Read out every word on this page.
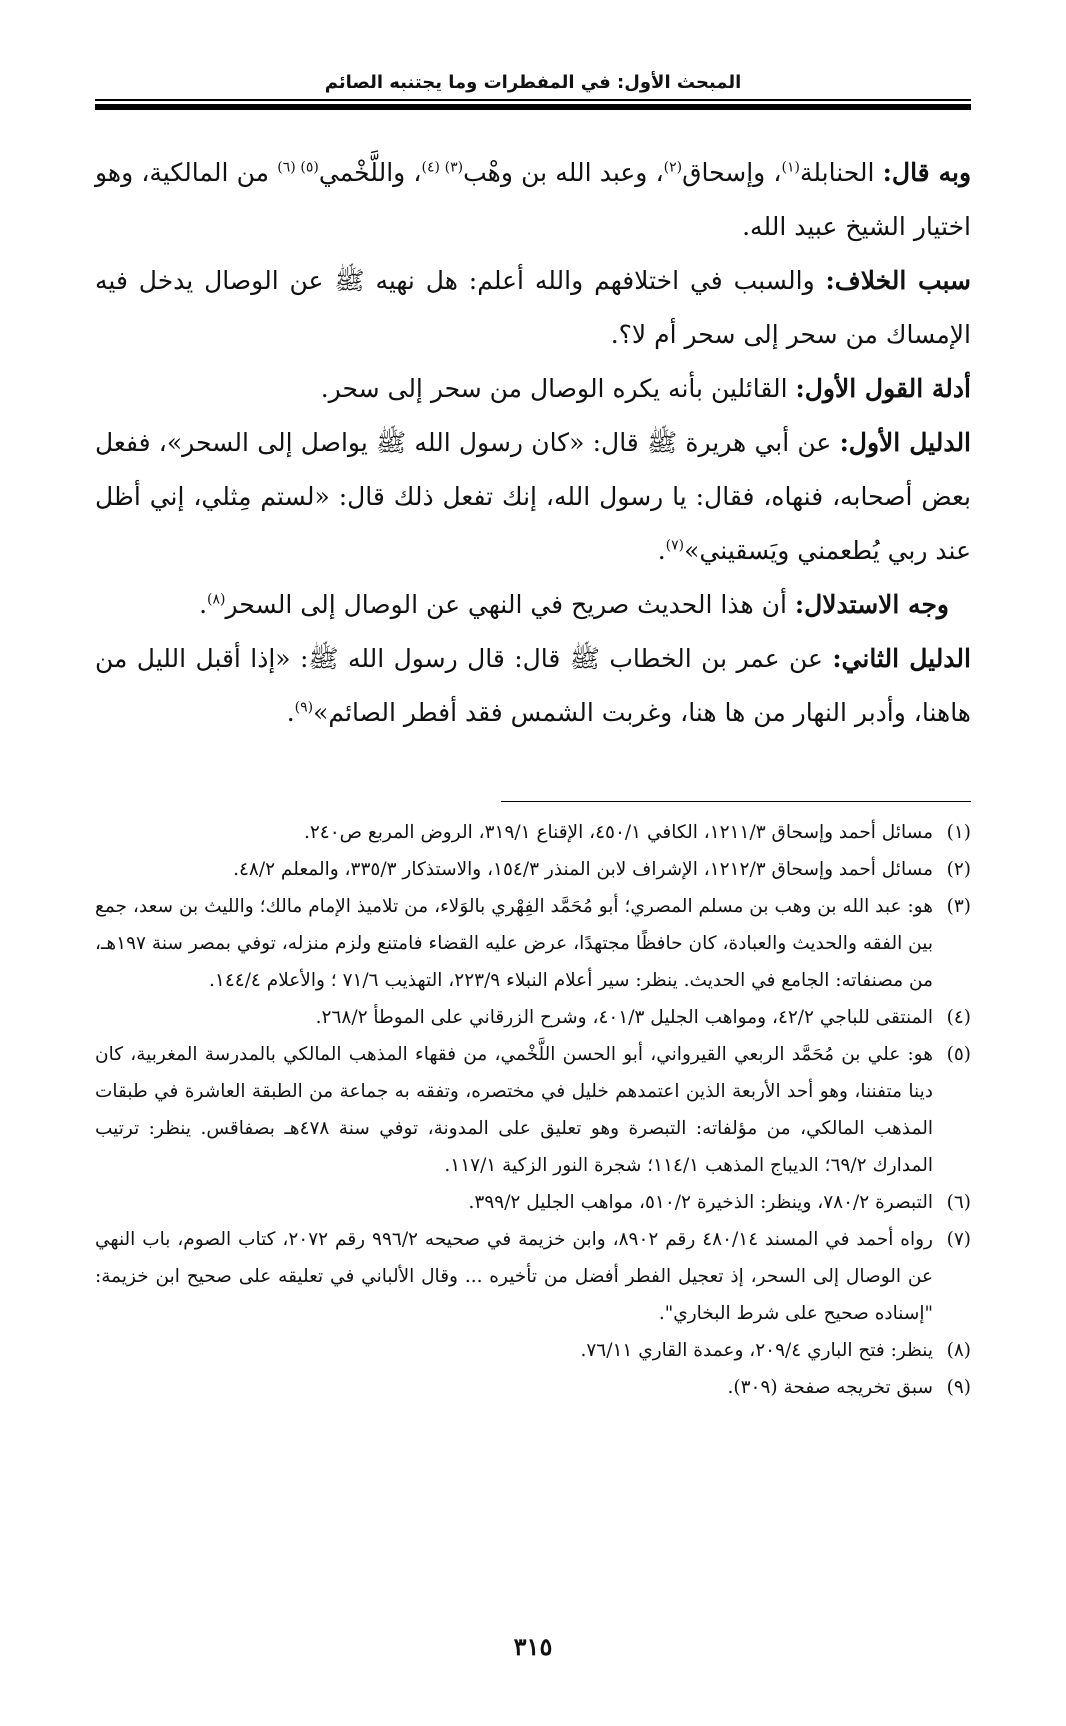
المبحث الأول: في المفطرات وما يجتنبه الصائم

وبه قال: الحنابلة$^{(١)}$، وإسحاق$^{(٢)}$، وعبد الله بن وهْب$^{(٣) (٤)}$، واللَّخْمي$^{(٥) (٦)}$ من المالكية، وهو اختيار الشيخ عبيد الله.

سبب الخلاف: والسبب في اختلافهم والله أعلم: هل نهيه ﷺ عن الوصال يدخل فيه الإمساك من سحر إلى سحر أم لا؟.

أدلة القول الأول: القائلين بأنه يكره الوصال من سحر إلى سحر.

الدليل الأول: عن أبي هريرة ﷺ قال: «كان رسول الله ﷺ يواصل إلى السحر»، ففعل بعض أصحابه، فنهاه، فقال: يا رسول الله، إنك تفعل ذلك قال: «لستم مِثلي، إني أظل عند ربي يُطعمني ويَسقيني»$^{(٧)}$.

وجه الاستدلال: أن هذا الحديث صريح في النهي عن الوصال إلى السحر$^{(٨)}$.

الدليل الثاني: عن عمر بن الخطاب ﷺ قال: قال رسول الله ﷺ: «إذا أقبل الليل من هاهنا، وأدبر النهار من ها هنا، وغربت الشمس فقد أفطر الصائم»$^{(٩)}$.

(١)
مسائل أحمد وإسحاق ١٢١١/٣، الكافي ٤٥٠/١، الإقناع ٣١٩/١، الروض المربع ص٢٤٠.

(٢)
مسائل أحمد وإسحاق ١٢١٢/٣، الإشراف لابن المنذر ١٥٤/٣، والاستذكار ٣٣٥/٣، والمعلم ٤٨/٢.

(٣)
هو: عبد الله بن وهب بن مسلم المصري؛ أبو مُحَمَّد الفِهْري بالوَلاء، من تلاميذ الإمام مالك؛ والليث بن سعد، جمع بين الفقه والحديث والعبادة، كان حافظًا مجتهدًا، عرض عليه القضاء فامتنع ولزم منزله، توفي بمصر سنة ١٩٧هـ، من مصنفاته: الجامع في الحديث. ينظر: سير أعلام النبلاء ٢٢٣/٩، التهذيب ٧١/٦ ؛ والأعلام ١٤٤/٤.

(٤)
المنتقى للباجي ٤٢/٢، ومواهب الجليل ٤٠١/٣، وشرح الزرقاني على الموطأ ٢٦٨/٢.

(٥)
هو: علي بن مُحَمَّد الربعي القيرواني، أبو الحسن اللَّخْمي، من فقهاء المذهب المالكي بالمدرسة المغربية، كان دينا متفننا، وهو أحد الأربعة الذين اعتمدهم خليل في مختصره، وتفقه به جماعة من الطبقة العاشرة في طبقات المذهب المالكي، من مؤلفاته: التبصرة وهو تعليق على المدونة، توفي سنة ٤٧٨هـ بصفاقس. ينظر: ترتيب المدارك ٦٩/٢؛ الديباج المذهب ١١٤/١؛ شجرة النور الزكية ١١٧/١.

(٦)
التبصرة ٧٨٠/٢، وينظر: الذخيرة ٥١٠/٢، مواهب الجليل ٣٩٩/٢.

(٧)
رواه أحمد في المسند ٤٨٠/١٤ رقم ٨٩٠٢، وابن خزيمة في صحيحه ٩٩٦/٢ رقم ٢٠٧٢، كتاب الصوم، باب النهي عن الوصال إلى السحر، إذ تعجيل الفطر أفضل من تأخيره ... وقال الألباني في تعليقه على صحيح ابن خزيمة: "إسناده صحيح على شرط البخاري".

(٨)
ينظر: فتح الباري ٢٠٩/٤، وعمدة القاري ٧٦/١١.

(٩)
سبق تخريجه صفحة (٣٠٩).

٣١٥
